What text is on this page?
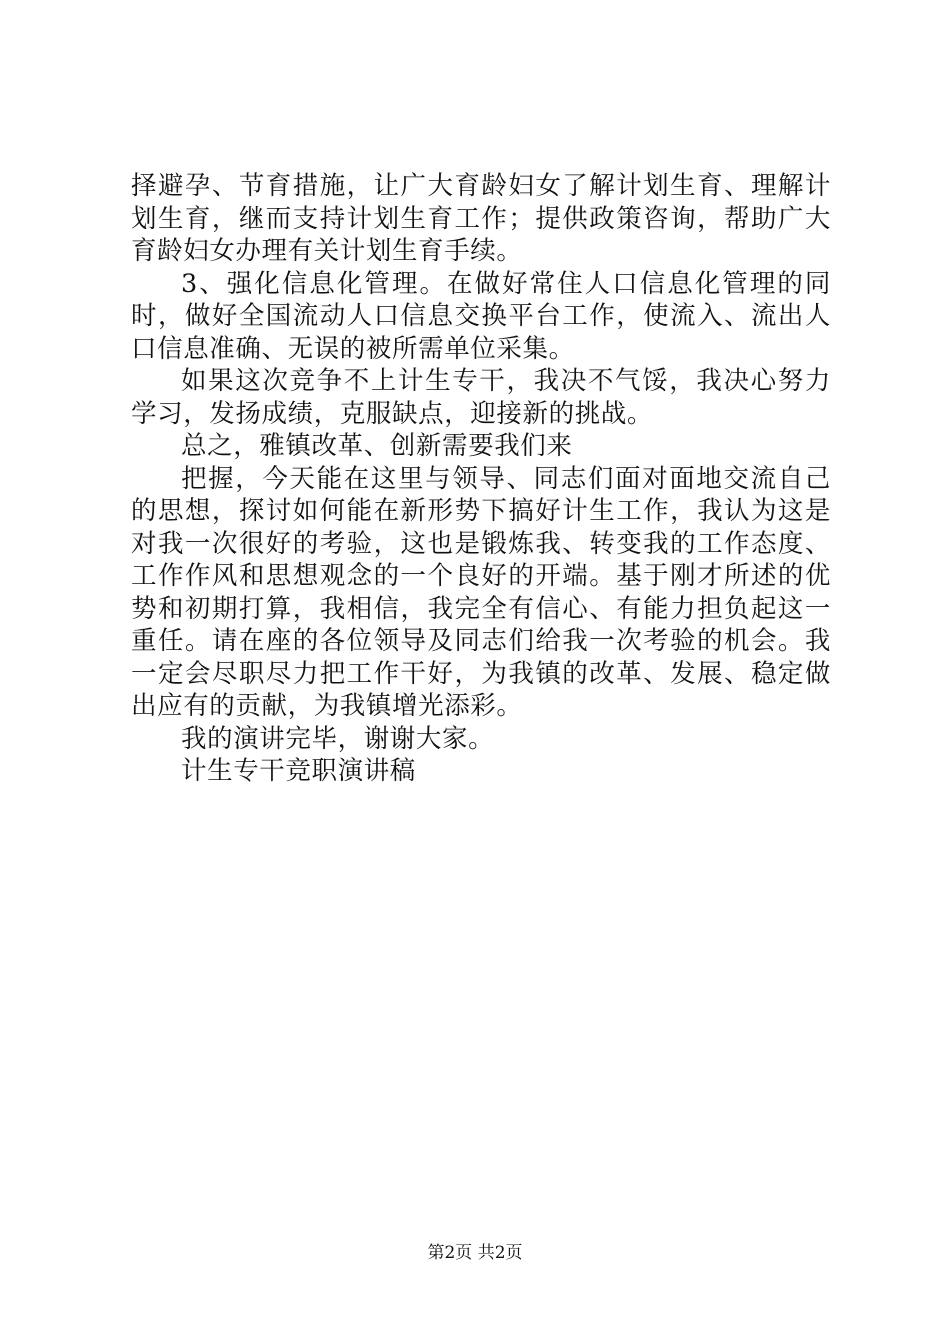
择避孕、节育措施，让广大育龄妇女了解计划生育、理解计划生育，继而支持计划生育工作；提供政策咨询，帮助广大育龄妇女办理有关计划生育手续。

3、强化信息化管理。在做好常住人口信息化管理的同时，做好全国流动人口信息交换平台工作，使流入、流出人口信息准确、无误的被所需单位采集。

如果这次竞争不上计生专干，我决不气馁，我决心努力学习，发扬成绩，克服缺点，迎接新的挑战。

总之，雅镇改革、创新需要我们来

把握，今天能在这里与领导、同志们面对面地交流自己的思想，探讨如何能在新形势下搞好计生工作，我认为这是对我一次很好的考验，这也是锻炼我、转变我的工作态度、工作作风和思想观念的一个良好的开端。基于刚才所述的优势和初期打算，我相信，我完全有信心、有能力担负起这一重任。请在座的各位领导及同志们给我一次考验的机会。我一定会尽职尽力把工作干好，为我镇的改革、发展、稳定做出应有的贡献，为我镇增光添彩。

我的演讲完毕，谢谢大家。

计生专干竞职演讲稿

第2页 共2页
